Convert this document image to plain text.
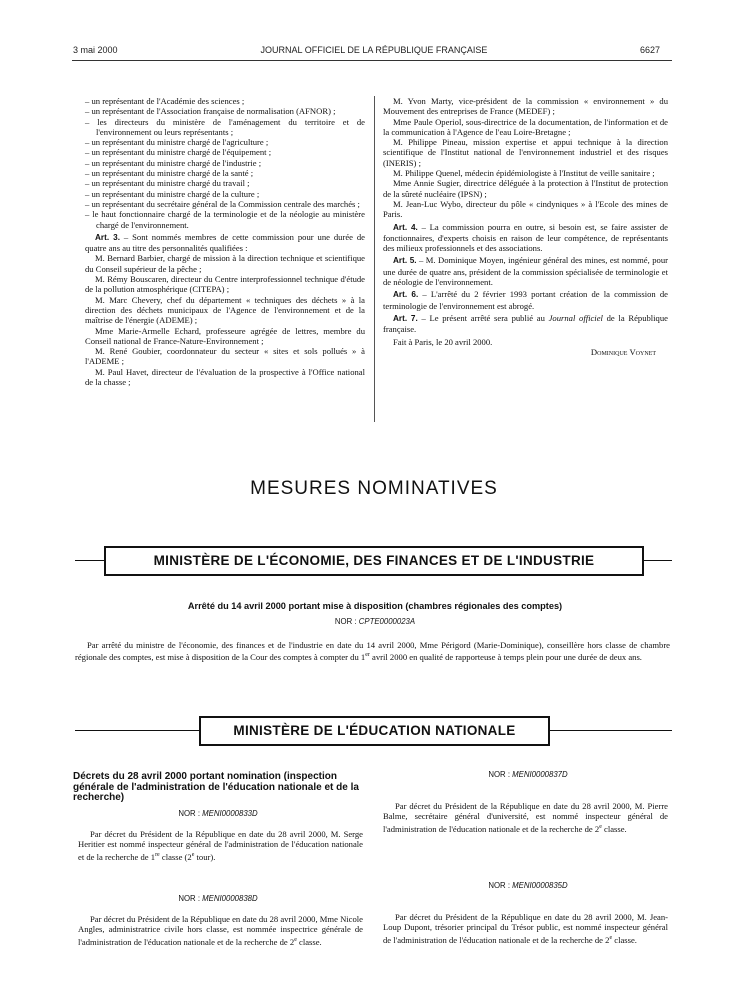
3 mai 2000	JOURNAL OFFICIEL DE LA RÉPUBLIQUE FRANÇAISE	6627

– un représentant de l'Académie des sciences ;

– un représentant de l'Association française de normalisation (AFNOR) ;

– les directeurs du ministère de l'aménagement du territoire et de l'environnement ou leurs représentants ;

– un représentant du ministre chargé de l'agriculture ;

– un représentant du ministre chargé de l'équipement ;

– un représentant du ministre chargé de l'industrie ;

– un représentant du ministre chargé de la santé ;

– un représentant du ministre chargé du travail ;

– un représentant du ministre chargé de la culture ;

– un représentant du secrétaire général de la Commission centrale des marchés ;

– le haut fonctionnaire chargé de la terminologie et de la néologie au ministère chargé de l'environnement.

Art. 3. – Sont nommés membres de cette commission pour une durée de quatre ans au titre des personnalités qualifiées :

M. Bernard Barbier, chargé de mission à la direction technique et scientifique du Conseil supérieur de la pêche ;

M. Rémy Bouscaren, directeur du Centre interprofessionnel technique d'étude de la pollution atmosphérique (CITEPA) ;

M. Marc Chevery, chef du département « techniques des déchets » à la direction des déchets municipaux de l'Agence de l'environnement et de la maîtrise de l'énergie (ADEME) ;

Mme Marie-Armelle Echard, professeure agrégée de lettres, membre du Conseil national de France-Nature-Environnement ;

M. René Goubier, coordonnateur du secteur « sites et sols pollués » à l'ADEME ;

M. Paul Havet, directeur de l'évaluation de la prospective à l'Office national de la chasse ;

M. Yvon Marty, vice-président de la commission « environnement » du Mouvement des entreprises de France (MEDEF) ;

Mme Paule Operiol, sous-directrice de la documentation, de l'information et de la communication à l'Agence de l'eau Loire-Bretagne ;

M. Philippe Pineau, mission expertise et appui technique à la direction scientifique de l'Institut national de l'environnement industriel et des risques (INERIS) ;

M. Philippe Quenel, médecin épidémiologiste à l'Institut de veille sanitaire ;

Mme Annie Sugier, directrice déléguée à la protection à l'Institut de protection de la sûreté nucléaire (IPSN) ;

M. Jean-Luc Wybo, directeur du pôle « cindyniques » à l'Ecole des mines de Paris.

Art. 4. – La commission pourra en outre, si besoin est, se faire assister de fonctionnaires, d'experts choisis en raison de leur compétence, de représentants des milieux professionnels et des associations.

Art. 5. – M. Dominique Moyen, ingénieur général des mines, est nommé, pour une durée de quatre ans, président de la commission spécialisée de terminologie et de néologie de l'environnement.

Art. 6. – L'arrêté du 2 février 1993 portant création de la commission de terminologie de l'environnement est abrogé.

Art. 7. – Le présent arrêté sera publié au Journal officiel de la République française.

Fait à Paris, le 20 avril 2000.

Dominique Voynet

MESURES NOMINATIVES
MINISTÈRE DE L'ÉCONOMIE, DES FINANCES ET DE L'INDUSTRIE
Arrêté du 14 avril 2000 portant mise à disposition (chambres régionales des comptes)
NOR : CPTE0000023A
Par arrêté du ministre de l'économie, des finances et de l'industrie en date du 14 avril 2000, Mme Périgord (Marie-Dominique), conseillère hors classe de chambre régionale des comptes, est mise à disposition de la Cour des comptes à compter du 1er avril 2000 en qualité de rapporteuse à temps plein pour une durée de deux ans.
MINISTÈRE DE L'ÉDUCATION NATIONALE
Décrets du 28 avril 2000 portant nomination (inspection générale de l'administration de l'éducation nationale et de la recherche)
NOR : MENI0000833D
Par décret du Président de la République en date du 28 avril 2000, M. Serge Heritier est nommé inspecteur général de l'administration de l'éducation nationale et de la recherche de 1re classe (2e tour).
NOR : MENI0000838D
Par décret du Président de la République en date du 28 avril 2000, Mme Nicole Angles, administratrice civile hors classe, est nommée inspectrice générale de l'administration de l'éducation nationale et de la recherche de 2e classe.
NOR : MENI0000837D
Par décret du Président de la République en date du 28 avril 2000, M. Pierre Balme, secrétaire général d'université, est nommé inspecteur général de l'administration de l'éducation nationale et de la recherche de 2e classe.
NOR : MENI0000835D
Par décret du Président de la République en date du 28 avril 2000, M. Jean-Loup Dupont, trésorier principal du Trésor public, est nommé inspecteur général de l'administration de l'éducation nationale et de la recherche de 2e classe.
